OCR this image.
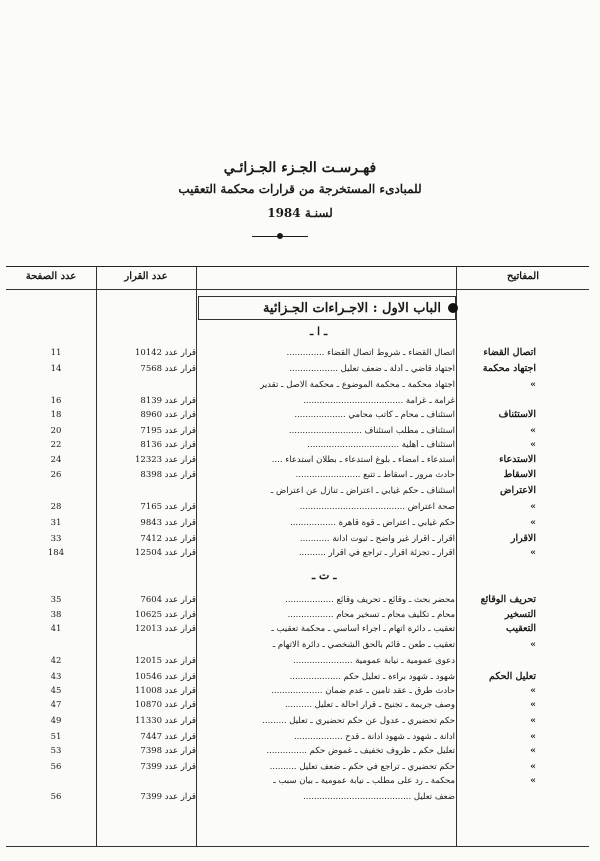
فهـرسـت الجـزء الجـزائـي
للمبادىء المستخرجة من قرارات محكمة التعقيب
لسنـة 1984
المفاتيح
عدد القرار
عدد الصفحة
الباب الاول : الاجـراءات الجـزائية
ـ ا ـ
ـ ت ـ
اتصال القضاء
اتصال القضاء ـ شروط اتصال القضاء ..............
قرار عدد 10142
11
اجتهاد محكمة
اجتهاد قاضي ـ أدلة ـ ضعف تعليل ..................
قرار عدد 7568
14
»
اجتهاد محكمة ـ محكمة الموضوع ـ محكمة الاصل ـ تقدير
غرامة ـ غرامة .....................................
قرار عدد 8139
16
الاستئناف
استئناف ـ محام ـ كاتب محامي ...................
قرار عدد 8960
18
»
استئناف ـ مطلب استئناف ...........................
قرار عدد 7195
20
»
استئناف ـ أهلية ..................................
قرار عدد 8136
22
الاستدعاء
استدعاء ـ امضاء ـ بلوغ استدعاء ـ بطلان استدعاء ....
قرار عدد 12323
24
الاسقاط
حادث مرور ـ اسقاط ـ تتبع ........................
قرار عدد 8398
26
الاعتراض
استئناف ـ حكم غيابي ـ اعتراض ـ تنازل عن اعتراض ـ
»
صحة اعتراض .......................................
قرار عدد 7165
28
»
حكم غيابي ـ اعتراض ـ قوة قاهرة .................
قرار عدد 9843
31
الاقرار
اقرار ـ اقرار غير واضح ـ ثبوت ادانة ...........
قرار عدد 7412
33
»
اقرار ـ تجزئة اقرار ـ تراجع في اقرار ..........
قرار عدد 12504
184
تحريف الوقائع
محضر بحث ـ وقائع ـ تحريف وقائع ..................
قرار عدد 7604
35
التسخير
محام ـ تكليف محام ـ تسخير محام .................
قرار عدد 10625
38
التعقيب
تعقيب ـ دائرة اتهام ـ اجراء أساسي ـ محكمة تعقيب ـ
قرار عدد 12013
41
»
تعقيب ـ طعن ـ قائم بالحق الشخصي ـ دائرة الاتهام ـ
دعوى عمومية ـ نيابة عمومية ......................
قرار عدد 12015
42
تعليل الحكم
شهود ـ شهود براءة ـ تعليل حكم ...................
قرار عدد 10546
43
»
حادث طرق ـ عقد تامين ـ عدم ضمان ...................
قرار عدد 11008
45
»
وصف جريمة ـ تجنيح ـ قرار احالة ـ تعليل ..........
قرار عدد 10870
47
»
حكم تحضيري ـ عدول عن حكم تحضيري ـ تعليل .........
قرار عدد 11330
49
»
ادانة ـ شهود ـ شهود ادانة ـ قدح ..................
قرار عدد 7447
51
»
تعليل حكم ـ ظروف تخفيف ـ غموض حكم ...............
قرار عدد 7398
53
»
حكم تحضيري ـ تراجع في حكم ـ ضعف تعليل ..........
قرار عدد 7399
56
»
محكمة ـ رد على مطلب ـ نيابة عمومية ـ بيان سبب ـ
ضعف تعليل ........................................
قرار عدد 7399
56
